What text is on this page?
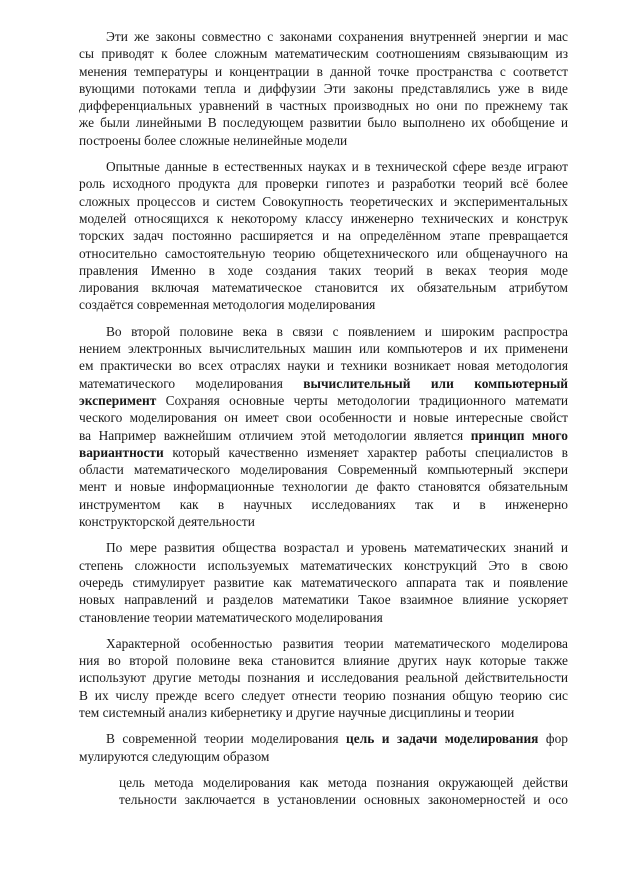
Эти же законы совместно с законами сохранения внутренней энергии и мас
сы приводят к более сложным математическим соотношениям связывающим из
менения температуры и концентрации в данной точке пространства с соответст
вующими потоками тепла и диффузии Эти законы представлялись уже в виде
дифференциальных уравнений в частных производных но они по прежнему так
же были линейными В последующем развитии было выполнено их обобщение и
построены более сложные нелинейные модели
Опытные данные в естественных науках и в технической сфере везде играют
роль исходного продукта для проверки гипотез и разработки теорий всё более
сложных процессов и систем Совокупность теоретических и экспериментальных
моделей относящихся к некоторому классу инженерно технических и конструк
торских задач постоянно расширяется и на определённом этапе превращается
относительно самостоятельную теорию общетехнического или общенаучного на
правления Именно в ходе создания таких теорий в веках теория моде
лирования включая математическое становится их обязательным атрибутом
создаётся современная методология моделирования
Во второй половине века в связи с появлением и широким распростра
нением электронных вычислительных машин или компьютеров и их применени
ем практически во всех отраслях науки и техники возникает новая методология
математического моделирования вычислительный или компьютерный
эксперимент Сохраняя основные черты методологии традиционного математи
ческого моделирования он имеет свои особенности и новые интересные свойст
ва Например важнейшим отличием этой методологии является принцип много
вариантности который качественно изменяет характер работы специалистов в
области математического моделирования Современный компьютерный экспери
мент и новые информационные технологии де факто становятся обязательным
инструментом как в научных исследованиях так и в инженерно
конструкторской деятельности
По мере развития общества возрастал и уровень математических знаний и
степень сложности используемых математических конструкций Это в свою
очередь стимулирует развитие как математического аппарата так и появление
новых направлений и разделов математики Такое взаимное влияние ускоряет
становление теории математического моделирования
Характерной особенностью развития теории математического моделирова
ния во второй половине века становится влияние других наук которые также
используют другие методы познания и исследования реальной действительности
В их числу прежде всего следует отнести теорию познания общую теорию сис
тем системный анализ кибернетику и другие научные дисциплины и теории
В современной теории моделирования цель и задачи моделирования фор
мулируются следующим образом
цель метода моделирования как метода познания окружающей действи
тельности заключается в установлении основных закономерностей и осо
